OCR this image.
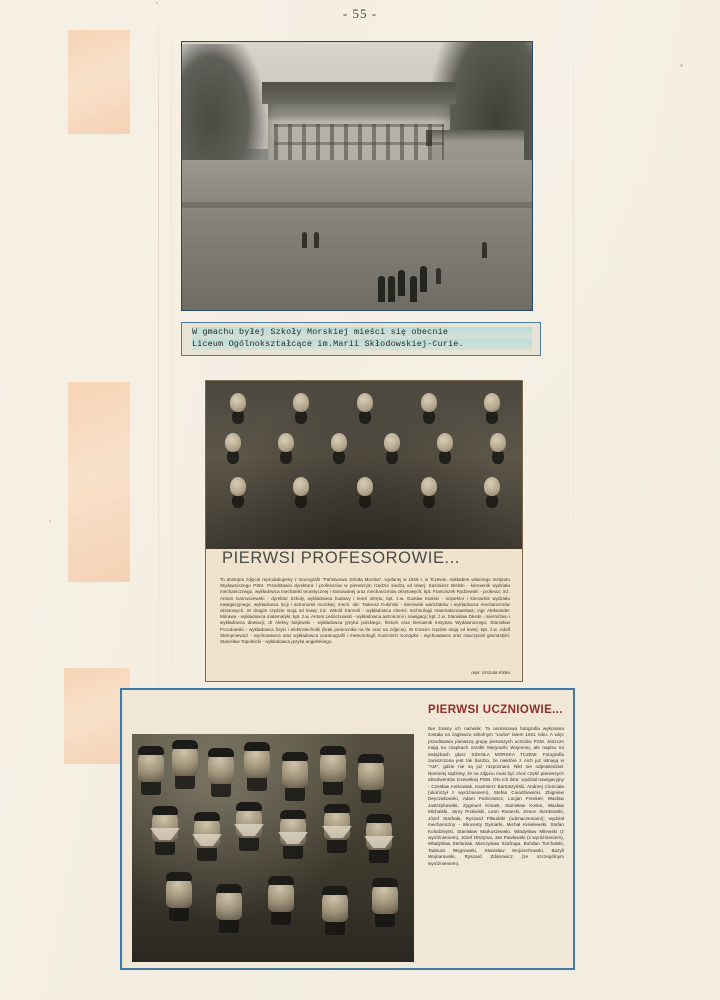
- 55 -
W gmachu byłej Szkoły Morskiej mieści się obecnie
Liceum Ogólnokształcące im.Marii Skłodowskiej-Curie.
PIERWSI PROFESOROWIE...
To dostojne zdjęcie reprodukujemy z monografii "Państwowa Szkoła Morska", wydanej w 1929 r. w Tczewie, nakładem własnego Instytutu Wydawniczego PSM. Przedstawia dyrektora i profesorów w pierwszym rzędzie siedzą od lewej: Kazimierz Bielski - kierownik wydziału mechanicznego, wykładowca mechaniki teoretycznej i stosowanej oraz mechanizmów okrętowych; kpt. Franciszek Rydzewski - profesor; inż. Antoni Garnuszewski - dyrektor Szkoły, wykładowca budowy i teorii okrętu; kpt. ż.w. Gustaw Kański - inspektor i kierownik wydziału nawigacyjnego, wykładowca locji i astronomii morskiej; mech. okr. Tadeusz Kokiński - kierownik warsztatów i wykładowca mechanizmów okrętowych. W drugim rzędzie stoją od lewej: inż. Witold Kamorli - wykładowca chemii, technologii materiałoznawstwa; mgr Aleksander Mórawa - wykładowca matematyki; kpt. ż.w. Antoni Ledóchowski - wykładowca astronomii i nawigacji; kpt. ż.w. Stanisław Dłuski - miernictwo i wykładowca dewiacji; dr Aleksy Majewski - wykładowca języka polskiego, historii oraz kierownik Instytutu Wydawniczego; Stanisław Porodowski - wykładowca fizyki i elektrotechniki (brak pomocnika na tle oraz na zdjęciu). W trzecim rzędzie stoją od lewej: kpt. ż.w. Adolf Stempniewicz - wychowawca oraz wykładowca oceanografii i meteorologii; Kazimierz Konopka - wychowawca oraz nauczyciel gimnastyki; Stanisław Topolnicki - wykładowca języka angielskiego.
repr. Urszula Kicka
PIERWSI UCZNIOWIE...
Nie znamy ich nazwisk. Ta anonimowa fotografia wykonana została na żaglowcu szkolnym "Lwów" latem 1921 roku. A więc przedstawia pierwszą grupę pierwszych uczniów PSM. Jeszcze mają na czapkach orzełki Marynarki Wojennej, ale napisu na wstążkach głosi: SZKOŁA MORSKA TCZEW. Fotografia zaniszczona jest tak bardzo, że niektóre z nich już istnieją w "AM", gdzie nie są już rozpoznani. Nikt nie odpowiedział. Niemniej sądzimy, że na zdjęciu musi być choć część pierwszych absolwentów tczewskiej PSM. Oto ich lista: wydział nawigacyjny - Czesław Antkowiak, Kazimierz Bartoszyński, Andrzej Cienciała (ukończył z wyróżnieniem), Stefan Ciundziewicki, Zbigniew Deyczakowski, Adam Fedorowicz, Lucjan Frenkiel, Wacław Jastrzębowski, Zygmunt Kimast, Stanisław Kosko, Wacław Michalski, Jerzy Prokulski, Leon Rusiecki, Zenon Sienkowski, Józef Starbała, Ryszard Piłsudski (odznaczeniami); wydział mechaniczny - Wincenty Dymarło, Michał Kisielewski, Stefan Kolodziejski, Stanisław Markuszewski, Władysław Milewski (z wyróżnieniem), Józef Olszynai, Jan Pawłowski (z wyróżnieniem), Władysław Stefaniak, Mieczysław Szafruga, Bohdan Torchalski, Tadeusz Węgrowski, Stanisław Wojciechowski, Bazyli Wojnarowski, Ryszard Zdanowicz (ze szczególnym wyróżnieniem).
